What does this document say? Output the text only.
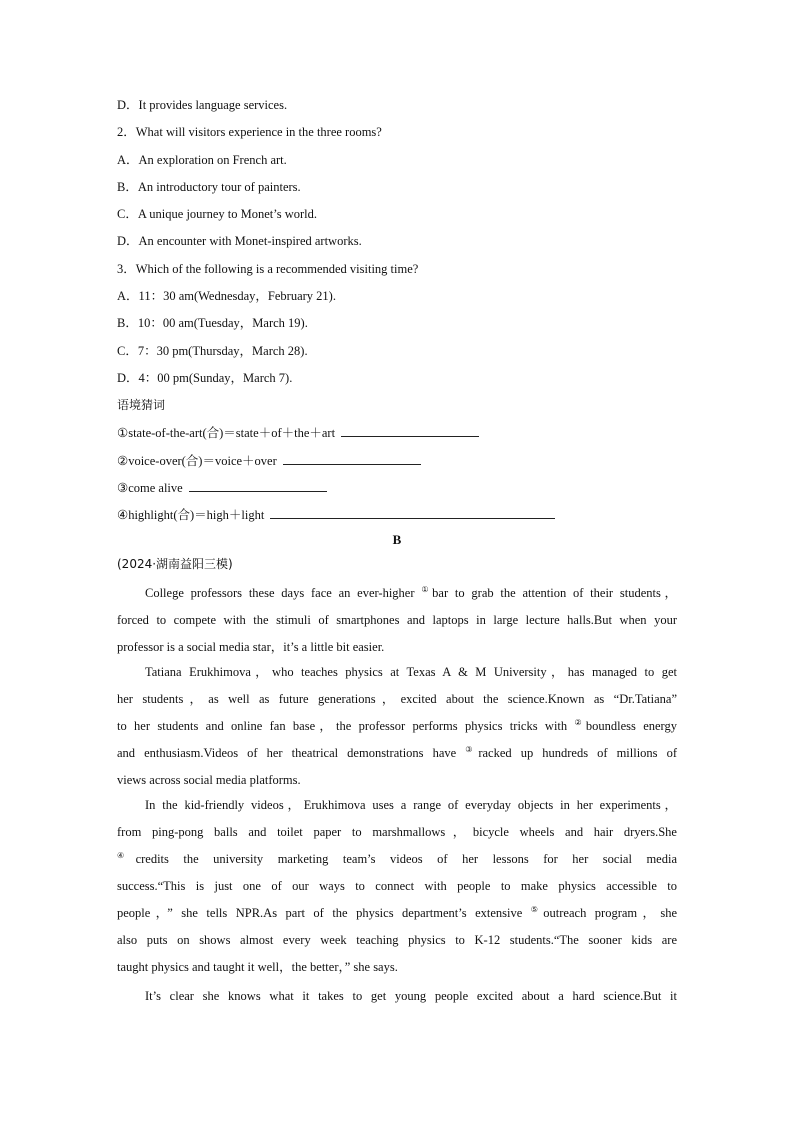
D．It provides language services.
2．What will visitors experience in the three rooms?
A．An exploration on French art.
B．An introductory tour of painters.
C．A unique journey to Monet’s world.
D．An encounter with Monet-inspired artworks.
3．Which of the following is a recommended visiting time?
A．11：30 am(Wednesday，February 21).
B．10：00 am(Tuesday，March 19).
C．7：30 pm(Thursday，March 28).
D．4：00 pm(Sunday，March 7).
语境猜词
①state-of-the-art(合)＝state＋of＋the＋art
②voice-over(合)＝voice＋over
③come alive
④highlight(合)＝high＋light
B
(2024·湖南益阳三模)
College professors these days face an ever-higher ①bar to grab the attention of their students，
forced to compete with the stimuli of smartphones and laptops in large lecture halls.But when your
professor is a social media star，it’s a little bit easier.
Tatiana Erukhimova，who teaches physics at Texas A & M University，has managed to get
her students，as well as future generations，excited about the science.Known as “Dr.Tatiana”
to her students and online fan base，the professor performs physics tricks with ②boundless energy
and enthusiasm.Videos of her theatrical demonstrations have ③racked up hundreds of millions of
views across social media platforms.
In the kid-friendly videos，Erukhimova uses a range of everyday objects in her experiments，
from ping-pong balls and toilet paper to marshmallows，bicycle wheels and hair dryers.She
④credits the university marketing team’s videos of her lessons for her social media
success.“This is just one of our ways to connect with people to make physics accessible to
people，” she tells NPR.As part of the physics department’s extensive ⑤outreach program，she
also puts on shows almost every week teaching physics to K-12 students.“The sooner kids are
taught physics and taught it well，the better，” she says.
It’s clear she knows what it takes to get young people excited about a hard science.But it
